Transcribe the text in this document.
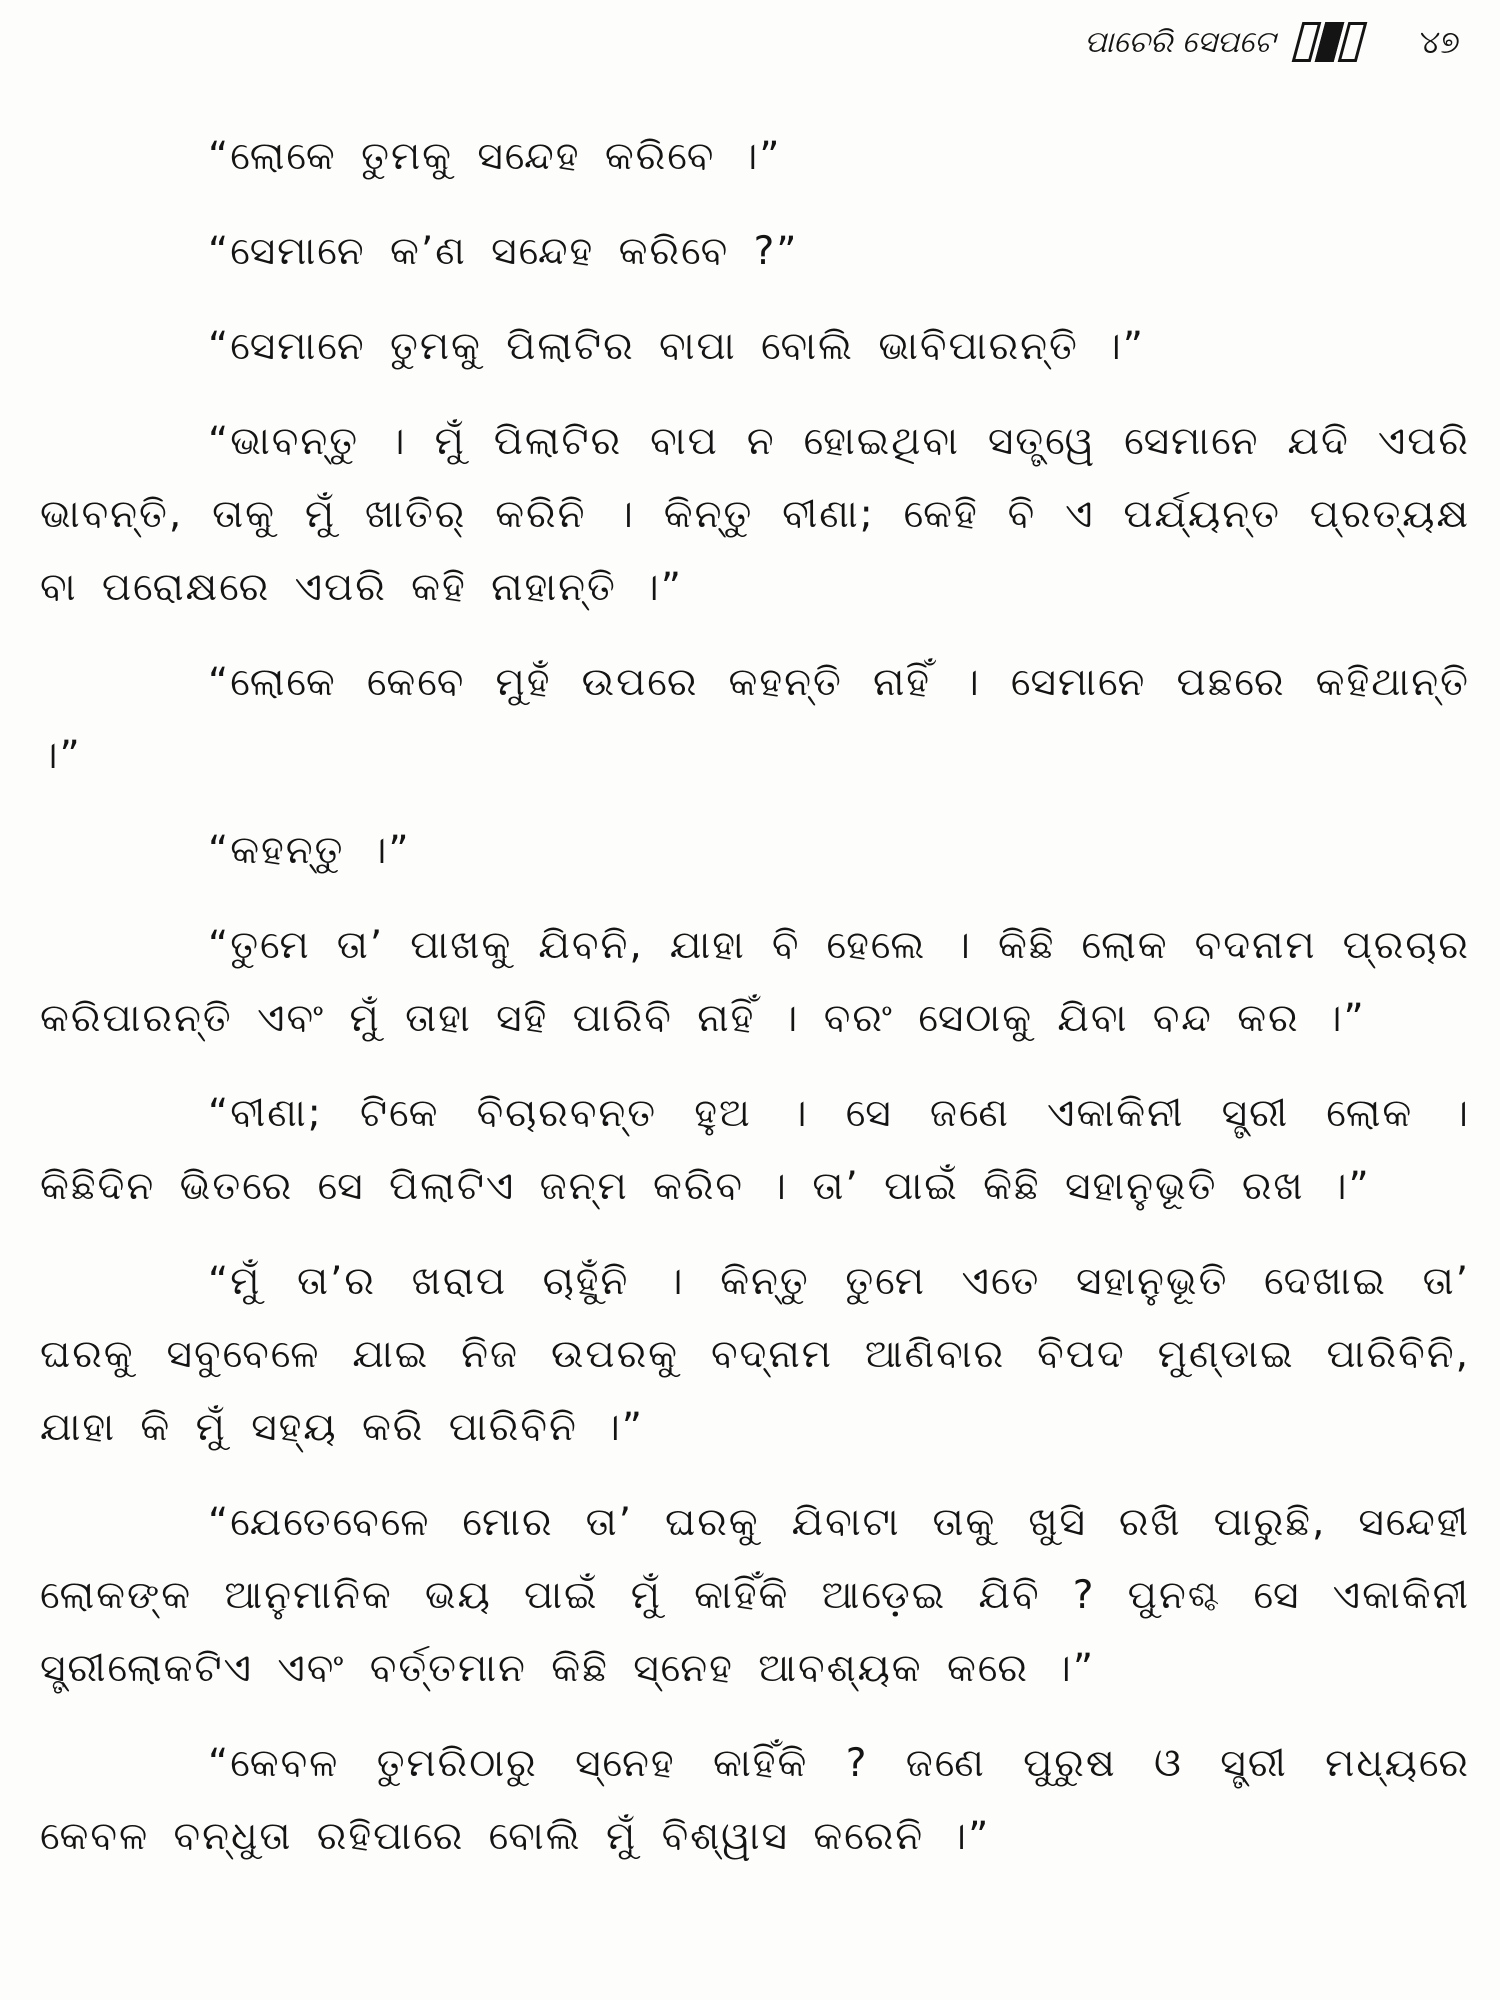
ପାଚେରି ସେପଟେ	୪୭

“ଲୋକେ ତୁମକୁ ସନ୍ଦେହ କରିବେ ।”

“ସେମାନେ କ’ଣ ସନ୍ଦେହ କରିବେ ?”

“ସେମାନେ ତୁମକୁ ପିଲାଟିର ବାପା ବୋଲି ଭାବିପାରନ୍ତି ।”

“ଭାବନ୍ତୁ । ମୁଁ ପିଲାଟିର ବାପ ନ ହୋଇଥିବା ସତ୍ତ୍ୱେ ସେମାନେ ଯଦି ଏପରି ଭାବନ୍ତି, ତାକୁ ମୁଁ ଖାତିର୍ କରିନି । କିନ୍ତୁ ବୀଣା; କେହି ବି ଏ ପର୍ଯ୍ୟନ୍ତ ପ୍ରତ୍ୟକ୍ଷ ବା ପରୋକ୍ଷରେ ଏପରି କହି ନାହାନ୍ତି ।”

“ଲୋକେ କେବେ ମୁହଁ ଉପରେ କହନ୍ତି ନାହିଁ । ସେମାନେ ପଛରେ କହିଥାନ୍ତି ।”

“କହନ୍ତୁ ।”

“ତୁମେ ତା’ ପାଖକୁ ଯିବନି, ଯାହା ବି ହେଲେ । କିଛି ଲୋକ ବଦନାମ ପ୍ରଚାର କରିପାରନ୍ତି ଏବଂ ମୁଁ ତାହା ସହି ପାରିବି ନାହିଁ । ବରଂ ସେଠାକୁ ଯିବା ବନ୍ଦ କର ।”

“ବୀଣା; ଟିକେ ବିଚାରବନ୍ତ ହୁଅ । ସେ ଜଣେ ଏକାକିନୀ ସ୍ତ୍ରୀ ଲୋକ । କିଛିଦିନ ଭିତରେ ସେ ପିଲାଟିଏ ଜନ୍ମ କରିବ । ତା’ ପାଇଁ କିଛି ସହାନୁଭୂତି ରଖ ।”

“ମୁଁ ତା’ର ଖରାପ ଚାହୁଁନି । କିନ୍ତୁ ତୁମେ ଏତେ ସହାନୁଭୂତି ଦେଖାଇ ତା’ ଘରକୁ ସବୁବେଳେ ଯାଇ ନିଜ ଉପରକୁ ବଦ୍‌ନାମ ଆଣିବାର ବିପଦ ମୁଣ୍ଡାଇ ପାରିବିନି, ଯାହା କି ମୁଁ ସହ୍ୟ କରି ପାରିବିନି ।”

“ଯେତେବେଳେ ମୋର ତା’ ଘରକୁ ଯିବାଟା ତାକୁ ଖୁସି ରଖି ପାରୁଛି, ସନ୍ଦେହୀ ଲୋକଙ୍କ ଆନୁମାନିକ ଭୟ ପାଇଁ ମୁଁ କାହିଁକି ଆଡ଼େଇ ଯିବି ? ପୁନଶ୍ଚ ସେ ଏକାକିନୀ ସ୍ତ୍ରୀଲୋକଟିଏ ଏବଂ ବର୍ତ୍ତମାନ କିଛି ସ୍ନେହ ଆବଶ୍ୟକ କରେ ।”

“କେବଳ ତୁମରିଠାରୁ ସ୍ନେହ କାହିଁକି ? ଜଣେ ପୁରୁଷ ଓ ସ୍ତ୍ରୀ ମଧ୍ୟରେ କେବଳ ବନ୍ଧୁତା ରହିପାରେ ବୋଲି ମୁଁ ବିଶ୍ୱାସ କରେନି ।”
